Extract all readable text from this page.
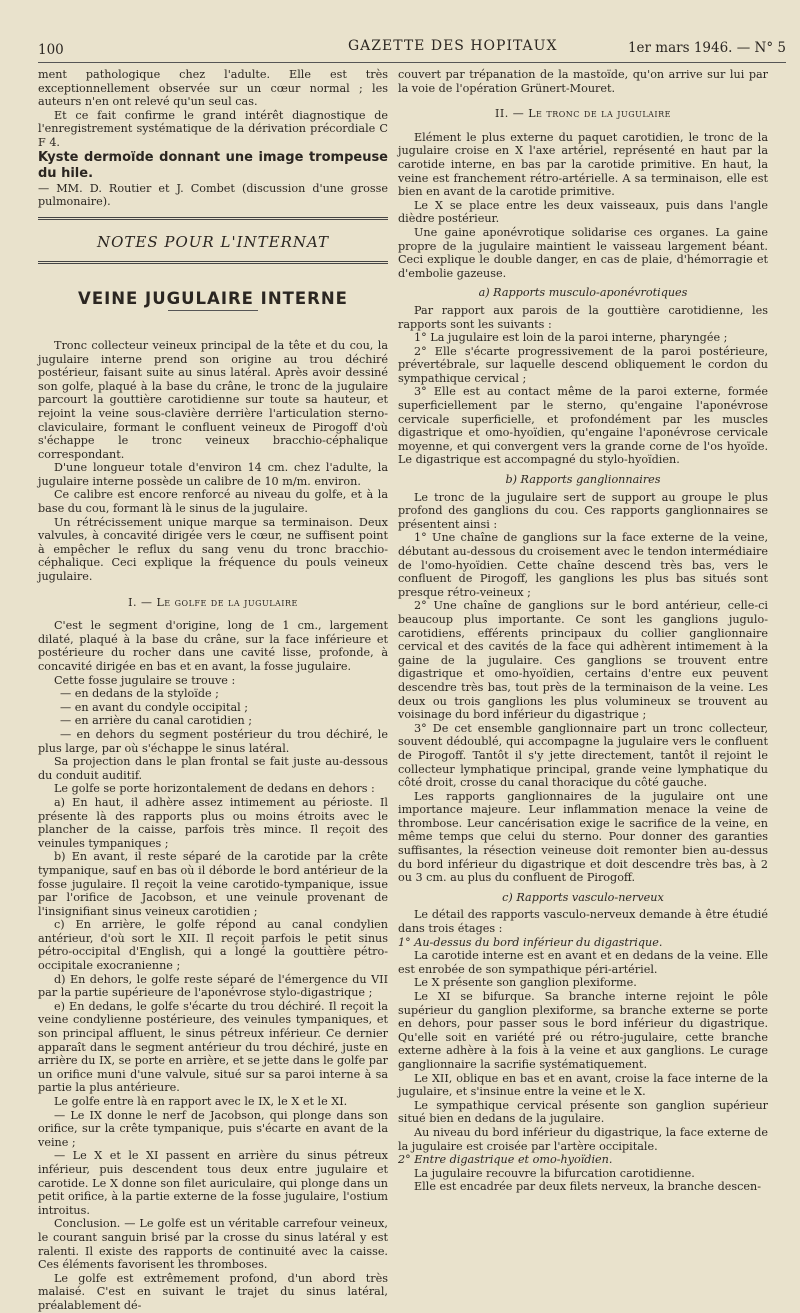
100	GAZETTE DES HOPITAUX	1er mars 1946. — N° 5

ment pathologique chez l'adulte. Elle est très exceptionnellement observée sur un cœur normal ; les auteurs n'en ont relevé qu'un seul cas.

Et ce fait confirme le grand intérêt diagnostique de l'enregistrement systématique de la dérivation précordiale C F 4.

Kyste dermoïde donnant une image trompeuse du hile.

— MM. D. Routier et J. Combet (discussion d'une grosse pulmonaire).

NOTES POUR L'INTERNAT
VEINE JUGULAIRE INTERNE

Tronc collecteur veineux principal de la tête et du cou, la jugulaire interne prend son origine au trou déchiré postérieur, faisant suite au sinus latéral. Après avoir dessiné son golfe, plaqué à la base du crâne, le tronc de la jugulaire parcourt la gouttière carotidienne sur toute sa hauteur, et rejoint la veine sous-clavière derrière l'articulation sterno-claviculaire, formant le confluent veineux de Pirogoff d'où s'échappe le tronc veineux bracchio-céphalique correspondant.

D'une longueur totale d'environ 14 cm. chez l'adulte, la jugulaire interne possède un calibre de 10 m/m. environ.

Ce calibre est encore renforcé au niveau du golfe, et à la base du cou, formant là le sinus de la jugulaire.

Un rétrécissement unique marque sa terminaison. Deux valvules, à concavité dirigée vers le cœur, ne suffisent point à empêcher le reflux du sang venu du tronc bracchio-céphalique. Ceci explique la fréquence du pouls veineux jugulaire.

I. — Le golfe de la jugulaire

C'est le segment d'origine, long de 1 cm., largement dilaté, plaqué à la base du crâne, sur la face inférieure et postérieure du rocher dans une cavité lisse, profonde, à concavité dirigée en bas et en avant, la fosse jugulaire.

Cette fosse jugulaire se trouve :

— en dedans de la styloïde ;

— en avant du condyle occipital ;

— en arrière du canal carotidien ;

— en dehors du segment postérieur du trou déchiré, le plus large, par où s'échappe le sinus latéral.

Sa projection dans le plan frontal se fait juste au-dessous du conduit auditif.

Le golfe se porte horizontalement de dedans en dehors :

a) En haut, il adhère assez intimement au périoste. Il présente là des rapports plus ou moins étroits avec le plancher de la caisse, parfois très mince. Il reçoit des veinules tympaniques ;

b) En avant, il reste séparé de la carotide par la crête tympanique, sauf en bas où il déborde le bord antérieur de la fosse jugulaire. Il reçoit la veine carotido-tympanique, issue par l'orifice de Jacobson, et une veinule provenant de l'insignifiant sinus veineux carotidien ;

c) En arrière, le golfe répond au canal condylien antérieur, d'où sort le XII. Il reçoit parfois le petit sinus pétro-occipital d'English, qui a longé la gouttière pétro-occipitale exocranienne ;

d) En dehors, le golfe reste séparé de l'émergence du VII par la partie supérieure de l'aponévrose stylo-digastrique ;

e) En dedans, le golfe s'écarte du trou déchiré. Il reçoit la veine condylienne postérieure, des veinules tympaniques, et son principal affluent, le sinus pétreux inférieur. Ce dernier apparaît dans le segment antérieur du trou déchiré, juste en arrière du IX, se porte en arrière, et se jette dans le golfe par un orifice muni d'une valvule, situé sur sa paroi interne à sa partie la plus antérieure.

Le golfe entre là en rapport avec le IX, le X et le XI.

— Le IX donne le nerf de Jacobson, qui plonge dans son orifice, sur la crête tympanique, puis s'écarte en avant de la veine ;

— Le X et le XI passent en arrière du sinus pétreux inférieur, puis descendent tous deux entre jugulaire et carotide. Le X donne son filet auriculaire, qui plonge dans un petit orifice, à la partie externe de la fosse jugulaire, l'ostium introitus.

Conclusion. — Le golfe est un véritable carrefour veineux, le courant sanguin brisé par la crosse du sinus latéral y est ralenti. Il existe des rapports de continuité avec la caisse. Ces éléments favorisent les thromboses.

Le golfe est extrêmement profond, d'un abord très malaisé. C'est en suivant le trajet du sinus latéral, préalablement dé-

couvert par trépanation de la mastoïde, qu'on arrive sur lui par la voie de l'opération Grünert-Mouret.

II. — Le tronc de la jugulaire

Elément le plus externe du paquet carotidien, le tronc de la jugulaire croise en X l'axe artériel, représenté en haut par la carotide interne, en bas par la carotide primitive. En haut, la veine est franchement rétro-artérielle. A sa terminaison, elle est bien en avant de la carotide primitive.

Le X se place entre les deux vaisseaux, puis dans l'angle dièdre postérieur.

Une gaine aponévrotique solidarise ces organes. La gaine propre de la jugulaire maintient le vaisseau largement béant. Ceci explique le double danger, en cas de plaie, d'hémorragie et d'embolie gazeuse.

a) Rapports musculo-aponévrotiques

Par rapport aux parois de la gouttière carotidienne, les rapports sont les suivants :

1° La jugulaire est loin de la paroi interne, pharyngée ;

2° Elle s'écarte progressivement de la paroi postérieure, prévertébrale, sur laquelle descend obliquement le cordon du sympathique cervical ;

3° Elle est au contact même de la paroi externe, formée superficiellement par le sterno, qu'engaine l'aponévrose cervicale superficielle, et profondément par les muscles digastrique et omo-hyoïdien, qu'engaine l'aponévrose cervicale moyenne, et qui convergent vers la grande corne de l'os hyoïde. Le digastrique est accompagné du stylo-hyoïdien.

b) Rapports ganglionnaires

Le tronc de la jugulaire sert de support au groupe le plus profond des ganglions du cou. Ces rapports ganglionnaires se présentent ainsi :

1° Une chaîne de ganglions sur la face externe de la veine, débutant au-dessous du croisement avec le tendon intermédiaire de l'omo-hyoïdien. Cette chaîne descend très bas, vers le confluent de Pirogoff, les ganglions les plus bas situés sont presque rétro-veineux ;

2° Une chaîne de ganglions sur le bord antérieur, celle-ci beaucoup plus importante. Ce sont les ganglions jugulo-carotidiens, efférents principaux du collier ganglionnaire cervical et des cavités de la face qui adhèrent intimement à la gaine de la jugulaire. Ces ganglions se trouvent entre digastrique et omo-hyoïdien, certains d'entre eux peuvent descendre très bas, tout près de la terminaison de la veine. Les deux ou trois ganglions les plus volumineux se trouvent au voisinage du bord inférieur du digastrique ;

3° De cet ensemble ganglionnaire part un tronc collecteur, souvent dédoublé, qui accompagne la jugulaire vers le confluent de Pirogoff. Tantôt il s'y jette directement, tantôt il rejoint le collecteur lymphatique principal, grande veine lymphatique du côté droit, crosse du canal thoracique du côté gauche.

Les rapports ganglionnaires de la jugulaire ont une importance majeure. Leur inflammation menace la veine de thrombose. Leur cancérisation exige le sacrifice de la veine, en même temps que celui du sterno. Pour donner des garanties suffisantes, la résection veineuse doit remonter bien au-dessus du bord inférieur du digastrique et doit descendre très bas, à 2 ou 3 cm. au plus du confluent de Pirogoff.

c) Rapports vasculo-nerveux

Le détail des rapports vasculo-nerveux demande à être étudié dans trois étages :

1° Au-dessus du bord inférieur du digastrique.

La carotide interne est en avant et en dedans de la veine. Elle est enrobée de son sympathique péri-artériel.

Le X présente son ganglion plexiforme.

Le XI se bifurque. Sa branche interne rejoint le pôle supérieur du ganglion plexiforme, sa branche externe se porte en dehors, pour passer sous le bord inférieur du digastrique. Qu'elle soit en variété pré ou rétro-jugulaire, cette branche externe adhère à la fois à la veine et aux ganglions. Le curage ganglionnaire la sacrifie systématiquement.

Le XII, oblique en bas et en avant, croise la face interne de la jugulaire, et s'insinue entre la veine et le X.

Le sympathique cervical présente son ganglion supérieur situé bien en dedans de la jugulaire.

Au niveau du bord inférieur du digastrique, la face externe de la jugulaire est croisée par l'artère occipitale.

2° Entre digastrique et omo-hyoïdien.

La jugulaire recouvre la bifurcation carotidienne.

Elle est encadrée par deux filets nerveux, la branche descen-
